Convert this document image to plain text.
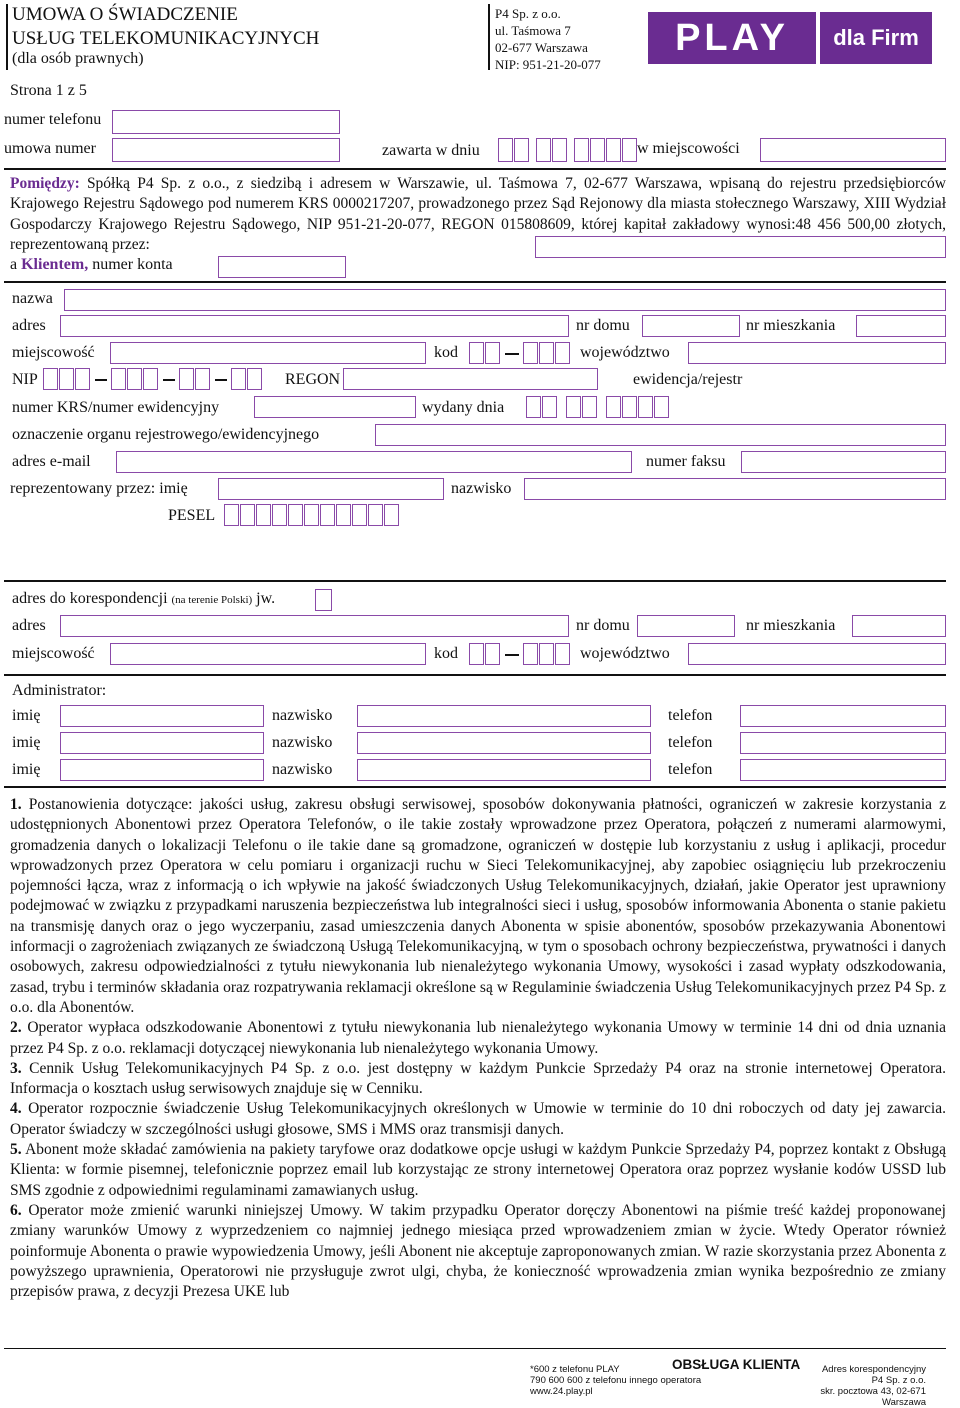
UMOWA O ŚWIADCZENIE
USŁUG TELEKOMUNIKACYJNYCH
(dla osób prawnych)
Strona 1 z 5
P4 Sp. z o.o.
ul. Taśmowa 7
02-677 Warszawa
NIP: 951-21-20-077
PLAY	dla Firm
numer telefonu
umowa numer	zawarta w dniu	w miejscowości
Pomiędzy: Spółką P4 Sp. z o.o., z siedzibą i adresem w Warszawie, ul. Taśmowa 7, 02-677 Warszawa, wpisaną do rejestru przedsiębiorców Krajowego Rejestru Sądowego pod numerem KRS 0000217207, prowadzonego przez Sąd Rejonowy dla miasta stołecznego Warszawy, XIII Wydział Gospodarczy Krajowego Rejestru Sądowego, NIP 951-21-20-077, REGON 015808609, której kapitał zakładowy wynosi:48 456 500,00 złotych, reprezentowaną przez:
a Klientem, numer konta
nazwa
adres	nr domu	nr mieszkania
miejscowość	kod	województwo
NIP	REGON	ewidencja/rejestr
numer KRS/numer ewidencyjny	wydany dnia
oznaczenie organu rejestrowego/ewidencyjnego
adres e-mail	numer faksu
reprezentowany przez: imię	nazwisko
PESEL
adres do korespondencji (na terenie Polski) jw.
adres	nr domu	nr mieszkania
miejscowość	kod	województwo
Administrator:
imię	nazwisko	telefon
imię	nazwisko	telefon
imię	nazwisko	telefon
1. Postanowienia dotyczące: jakości usług, zakresu obsługi serwisowej, sposobów dokonywania płatności, ograniczeń w zakresie korzystania z udostępnionych Abonentowi przez Operatora Telefonów, o ile takie zostały wprowadzone przez Operatora, połączeń z numerami alarmowymi, gromadzenia danych o lokalizacji Telefonu o ile takie dane są gromadzone, ograniczeń w dostępie lub korzystaniu z usług i aplikacji, procedur wprowadzonych przez Operatora w celu pomiaru i organizacji ruchu w Sieci Telekomunikacyjnej, aby zapobiec osiągnięciu lub przekroczeniu pojemności łącza, wraz z informacją o ich wpływie na jakość świadczonych Usług Telekomunikacyjnych, działań, jakie Operator jest uprawniony podejmować w związku z przypadkami naruszenia bezpieczeństwa lub integralności sieci i usług, sposobów informowania Abonenta o stanie pakietu na transmisję danych oraz o jego wyczerpaniu, zasad umieszczenia danych Abonenta w spisie abonentów, sposobów przekazywania Abonentowi informacji o zagrożeniach związanych ze świadczoną Usługą Telekomunikacyjną, w tym o sposobach ochrony bezpieczeństwa, prywatności i danych osobowych, zakresu odpowiedzialności z tytułu niewykonania lub nienależytego wykonania Umowy, wysokości i zasad wypłaty odszkodowania, zasad, trybu i terminów składania oraz rozpatrywania reklamacji określone są w Regulaminie świadczenia Usług Telekomunikacyjnych przez P4 Sp. z o.o. dla Abonentów.
2. Operator wypłaca odszkodowanie Abonentowi z tytułu niewykonania lub nienależytego wykonania Umowy w terminie 14 dni od dnia uznania przez P4 Sp. z o.o. reklamacji dotyczącej niewykonania lub nienależytego wykonania Umowy.
3. Cennik Usług Telekomunikacyjnych P4 Sp. z o.o. jest dostępny w każdym Punkcie Sprzedaży P4 oraz na stronie internetowej Operatora. Informacja o kosztach usług serwisowych znajduje się w Cenniku.
4. Operator rozpocznie świadczenie Usług Telekomunikacyjnych określonych w Umowie w terminie do 10 dni roboczych od daty jej zawarcia. Operator świadczy w szczególności usługi głosowe, SMS i MMS oraz transmisji danych.
5. Abonent może składać zamówienia na pakiety taryfowe oraz dodatkowe opcje usługi w każdym Punkcie Sprzedaży P4, poprzez kontakt z Obsługą Klienta: w formie pisemnej, telefonicznie poprzez email lub korzystając ze strony internetowej Operatora oraz poprzez wysłanie kodów USSD lub SMS zgodnie z odpowiednimi regulaminami zamawianych usług.
6. Operator może zmienić warunki niniejszej Umowy. W takim przypadku Operator doręczy Abonentowi na piśmie treść każdej proponowanej zmiany warunków Umowy z wyprzedzeniem co najmniej jednego miesiąca przed wprowadzeniem zmian w życie. Wtedy Operator również poinformuje Abonenta o prawie wypowiedzenia Umowy, jeśli Abonent nie akceptuje zaproponowanych zmian. W razie skorzystania przez Abonenta z powyższego uprawnienia, Operatorowi nie przysługuje zwrot ulgi, chyba, że konieczność wprowadzenia zmian wynika bezpośrednio ze zmiany przepisów prawa, z decyzji Prezesa UKE lub
*600 z telefonu PLAY
790 600 600 z telefonu innego operatora
www.24.play.pl
OBSŁUGA KLIENTA	Adres korespondencyjny
P4 Sp. z o.o.
skr. pocztowa 43, 02-671 Warszawa
